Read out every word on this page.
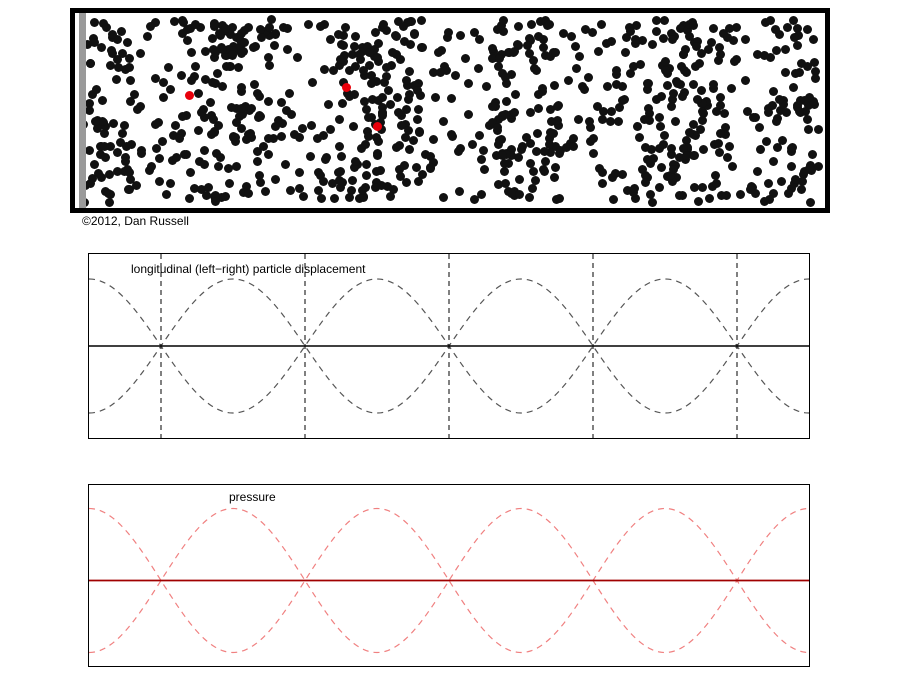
©2012, Dan Russell
longitudinal (left−right) particle displacement
pressure
